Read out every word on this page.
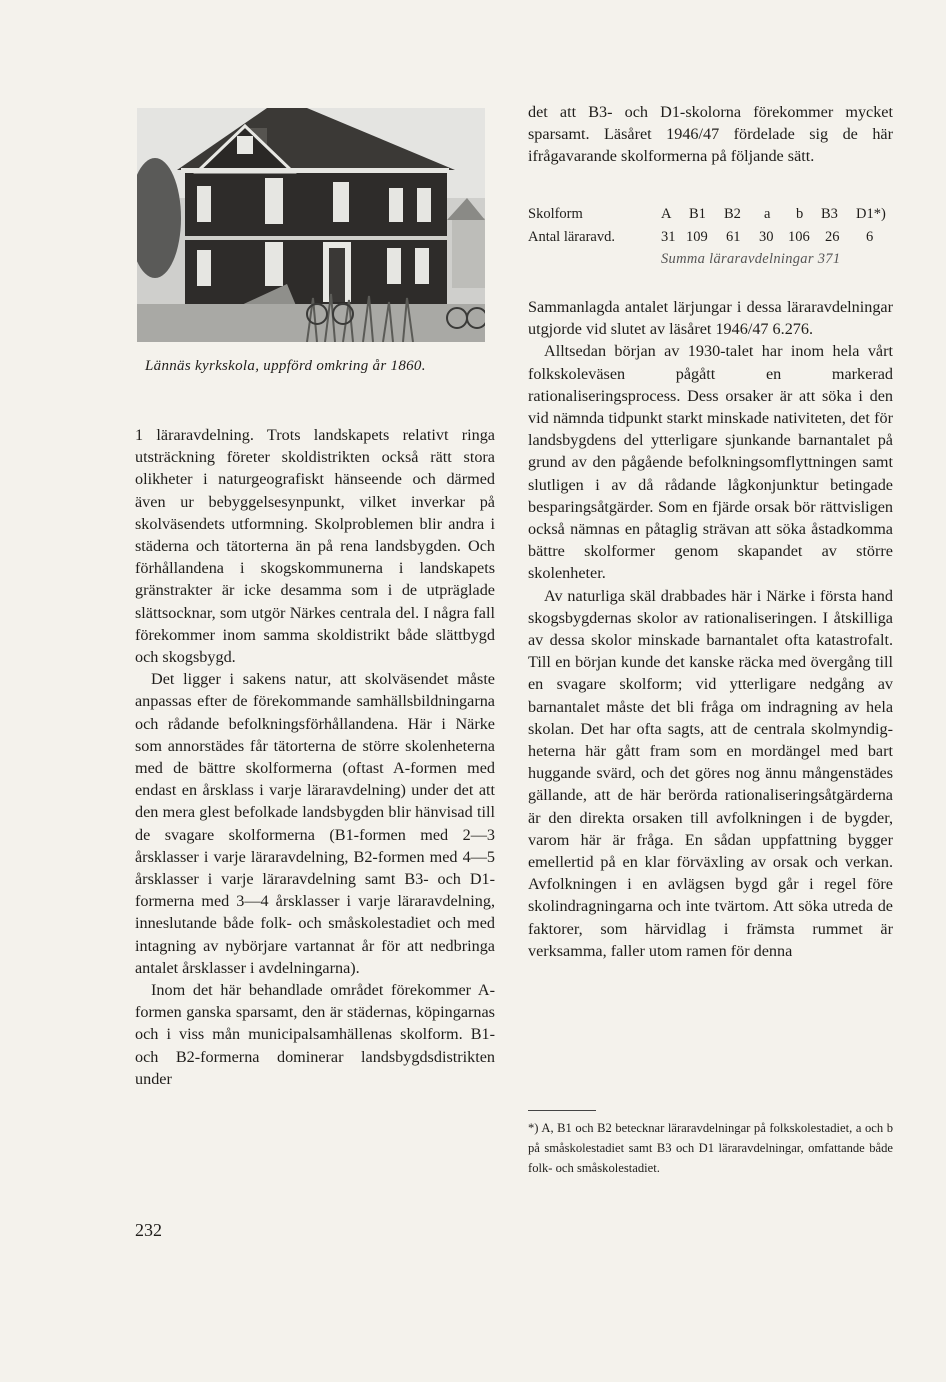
Lännäs kyrkskola, uppförd omkring år 1860.

1 läraravdelning. Trots landskapets relativt ringa utsträckning företer skoldistrikten också rätt stora olikheter i naturgeografiskt hänseende och därmed även ur bebyggelsesynpunkt, vilket inverkar på skolväsendets utformning. Skolproblemen blir andra i städerna och tätorterna än på rena landsbygden. Och förhållandena i skogskommunerna i landskapets gränstrakter är icke desamma som i de utpräglade slättsocknar, som utgör Närkes centrala del. I några fall förekommer inom samma skoldistrikt både slättbygd och skogsbygd.

Det ligger i sakens natur, att skolväsendet måste anpassas efter de förekommande samhällsbildningarna och rådande befolkningsförhållandena. Här i Närke som annorstädes får tätorterna de större skolenheterna med de bättre skolformerna (oftast A-formen med endast en årsklass i varje läraravdelning) under det att den mera glest befolkade landsbygden blir hänvisad till de svagare skolformerna (B1-formen med 2—3 årsklasser i varje läraravdelning, B2-formen med 4—5 årsklasser i varje läraravdelning samt B3- och D1-formerna med 3—4 årsklasser i varje läraravdelning, inneslutande både folk- och småskolestadiet och med intagning av nybörjare vartannat år för att nedbringa antalet årsklasser i avdelningarna).

Inom det här behandlade området förekommer A-formen ganska sparsamt, den är städernas, köpingarnas och i viss mån municipalsamhällenas skolform. B1- och B2-formerna dominerar landsbygdsdistrikten under

det att B3- och D1-skolorna förekommer mycket sparsamt. Läsåret 1946/47 fördelade sig de här ifrågavarande skolformerna på följande sätt.

Skolform	A B1 B2 a b B3 D1*)
Antal läraravd.	31 109 61 30 106 26 6
Summa läraravdelningar 371

Sammanlagda antalet lärjungar i dessa läraravdelningar utgjorde vid slutet av läsåret 1946/47 6.276.

Alltsedan början av 1930-talet har inom hela vårt folkskoleväsen pågått en markerad rationaliseringsprocess. Dess orsaker är att söka i den vid nämnda tidpunkt starkt minskade nativiteten, det för landsbygdens del ytterligare sjunkande barnantalet på grund av den pågående befolkningsomflyttningen samt slutligen i av då rådande lågkonjunktur betingade besparingsåtgärder. Som en fjärde orsak bör rättvisligen också nämnas en påtaglig strävan att söka åstadkomma bättre skolformer genom skapandet av större skolenheter.

Av naturliga skäl drabbades här i Närke i första hand skogsbygdernas skolor av rationaliseringen. I åtskilliga av dessa skolor minskade barnantalet ofta katastrofalt. Till en början kunde det kanske räcka med övergång till en svagare skolform; vid ytterligare nedgång av barnantalet måste det bli fråga om indragning av hela skolan. Det har ofta sagts, att de centrala skolmyndigheterna här gått fram som en mordängel med bart huggande svärd, och det göres nog ännu mångenstädes gällande, att de här berörda rationaliseringsåtgärderna är den direkta orsaken till avfolkningen i de bygder, varom här är fråga. En sådan uppfattning bygger emellertid på en klar förväxling av orsak och verkan. Avfolkningen i en avlägsen bygd går i regel före skolindragningarna och inte tvärtom. Att söka utreda de faktorer, som härvidlag i främsta rummet är verksamma, faller utom ramen för denna

*) A, B1 och B2 betecknar läraravdelningar på folkskolestadiet, a och b på småskolestadiet samt B3 och D1 läraravdelningar, omfattande både folk- och småskolestadiet.
232
